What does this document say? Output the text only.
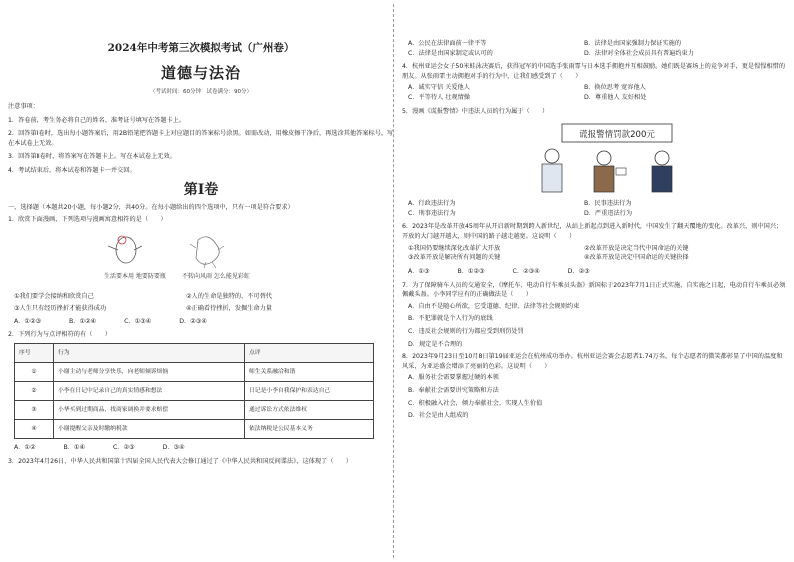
2024年中考第三次模拟考试（广州卷）
道德与法治
（考试时间：60分钟　试卷满分：90分）

注意事项：

1．答卷前，考生务必将自己的姓名、准考证号填写在答题卡上。

2．回答第Ⅰ卷时，选出每小题答案后，用2B铅笔把答题卡上对应题目的答案标号涂黑。如需改动，用橡皮擦干净后，再选涂其他答案标号。写在本试卷上无效。

3．回答第Ⅱ卷时，将答案写在答题卡上。写在本试卷上无效。

4．考试结束后，将本试卷和答题卡一并交回。

第Ⅰ卷
一、选择题（本题共20小题，每小题2分，共40分。在每小题给出的四个选项中，只有一项是符合要求）
1．欣赏下面漫画，下列选项与漫画寓意相符的是（　　）
生活要本用 地要防要瓶	不转向风雨 怎么能见彩虹
①我们要学会接纳和欣赏自己	②人的生命是独特的、不可替代
③人生只有经历挫折才能获得成功	④正确看待挫折，发掘生命力量
A．①②③	B．①②④	C．①③④	D．②③④
2．下列行为与点评相符的有（　　）
序号	行为	点评
①	小谢主动与老师分享快乐，向老师倾诉烦恼	师生关系融洽和谐
②	小李在日记中记录自己的真实情感和想法	日记是小李自我保护和表达自己
③	小华买到过期商品，找商家调换并要求赔偿	通过诉讼方式依法维权
④	小谢提醒父亲及时缴纳税款	依法纳税是公民基本义务
A．①②	B．①④	C．②③	D．③④
3．2023年4月26日，中华人民共和国第十四届全国人民代表大会修订通过了《中华人民共和国反间谍法》，这体现了（　　）
A．公民在法律面前一律平等	B．法律是由国家强制力保证实施的 C．法律是由国家制定或认可的	D．法律对全体社会成员具有普遍约束力
4．杭州亚运会女子50米蛙泳决赛后，获得冠军的中国选手张雨霏与日本选手拥抱并互相鼓励。她们既是赛场上的竞争对手，更是惺惺相惜的朋友。从张雨霏主动拥抱对手的行为中，让我们感受到了（　　）
A．诚实守信 关爱他人	B．换位思考 宽容他人 C．平等待人 壮观情操	D．尊重他人 友好相处
5．漫画《谎报警情》中违法人员的行为属于（　　）
谎报警情罚款200元
A．行政违法行为	B．民事违法行为 C．刑事违法行为	D．严重违法行为
6．2023年是改革开放45周年从开启新时期到跨入新世纪，从站上新起点到进入新时代，中国发生了翻天覆地的变化。改革兴，则中国兴；开放的大门越开越大，则中国的路子越走越宽。这说明（　　）
①我国仍要继续深化改革扩大开放	②改革开放是决定当代中国命运的关键 ③改革开放是解决所有问题的关键	④改革开放是决定中国命运的关键抉择
A．①③	B．①②③	C．②③④	D．②③
7．为了保障骑车人员的交通安全，《摩托车、电动自行车乘员头盔》新国标于2023年7月1日正式实施，自实施之日起，电动自行车乘员必须佩戴头盔。小李同学应有的正确做法是（　　）
A．自由不是随心所欲，它受道德、纪律、法律等社会规则约束
B．不犯罪就是个人行为的底线
C．违反社会规则的行为都应受到刑罚处罚
D．规定是不合理的
8．2023年9月23日至10月8日第19届亚运会在杭州成功举办。杭州亚运会赛会志愿者1.74万名，每个志愿者的微笑都彰显了中国的温度和风采，为亚运盛会增添了亮丽的色彩。这说明（　　）
A．服务社会需要掌握过硬的本领
B．奉献社会需要讲究策略和方法
C．积极融入社会，倾力奉献社会，实现人生价值
D．社会是由人组成的
